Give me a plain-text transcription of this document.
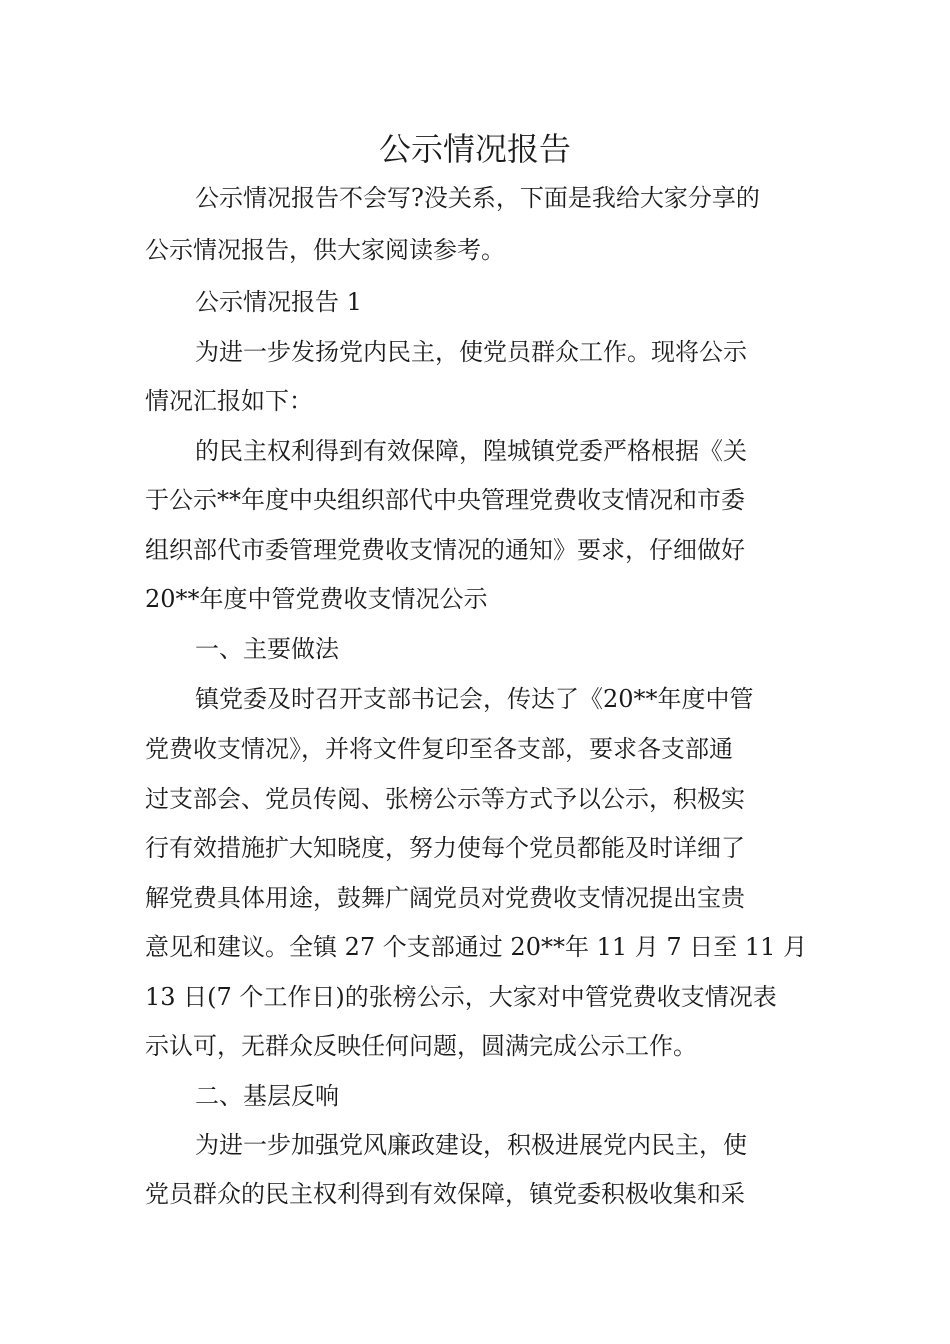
公示情况报告

公示情况报告不会写?没关系，下面是我给大家分享的

公示情况报告，供大家阅读参考。

公示情况报告 1

为进一步发扬党内民主，使党员群众工作。现将公示

情况汇报如下：

的民主权利得到有效保障，隍城镇党委严格根据《关

于公示**年度中央组织部代中央管理党费收支情况和市委

组织部代市委管理党费收支情况的通知》要求，仔细做好

20**年度中管党费收支情况公示

一、主要做法

镇党委及时召开支部书记会，传达了《20**年度中管

党费收支情况》，并将文件复印至各支部，要求各支部通

过支部会、党员传阅、张榜公示等方式予以公示，积极实

行有效措施扩大知晓度，努力使每个党员都能及时详细了

解党费具体用途，鼓舞广阔党员对党费收支情况提出宝贵

意见和建议。全镇 27 个支部通过 20**年 11 月 7 日至 11 月

13 日(7 个工作日)的张榜公示，大家对中管党费收支情况表

示认可，无群众反映任何问题，圆满完成公示工作。

二、基层反响

为进一步加强党风廉政建设，积极进展党内民主，使

党员群众的民主权利得到有效保障，镇党委积极收集和采
